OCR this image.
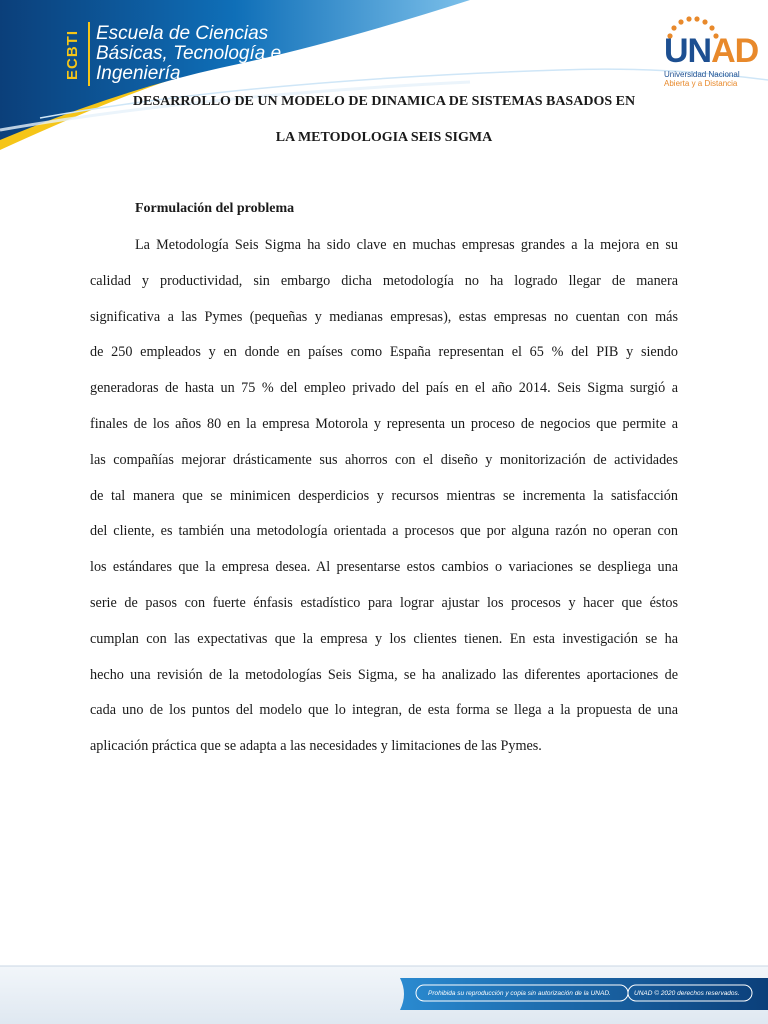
ECBTI Escuela de Ciencias
Básicas, Tecnología e
Ingeniería
UNAD
Universidad Nacional
Abierta y a Distancia
DESARROLLO DE UN MODELO DE DINAMICA DE SISTEMAS BASADOS EN
LA METODOLOGIA SEIS SIGMA
Formulación del problema
La Metodología Seis Sigma ha sido clave en muchas empresas grandes a la mejora en su
calidad y productividad, sin embargo dicha metodología no ha logrado llegar de manera
significativa a las Pymes (pequeñas y medianas empresas), estas empresas no cuentan con más
de 250 empleados y en donde en países como España representan el 65 % del PIB y siendo
generadoras de hasta un 75 % del empleo privado del país en el año 2014. Seis Sigma surgió a
finales de los años 80 en la empresa Motorola y representa un proceso de negocios que permite a
las compañías mejorar drásticamente sus ahorros con el diseño y monitorización de actividades
de tal manera que se minimicen desperdicios y recursos mientras se incrementa la satisfacción
del cliente, es también una metodología orientada a procesos que por alguna razón no operan con
los estándares que la empresa desea. Al presentarse estos cambios o variaciones se despliega una
serie de pasos con fuerte énfasis estadístico para lograr ajustar los procesos y hacer que éstos
cumplan con las expectativas que la empresa y los clientes tienen. En esta investigación se ha
hecho una revisión de la metodologías Seis Sigma, se ha analizado las diferentes aportaciones de
cada uno de los puntos del modelo que lo integran, de esta forma se llega a la propuesta de una
aplicación práctica que se adapta a las necesidades y limitaciones de las Pymes.
Prohibida su reproducción y copia sin autorización de la UNAD.	UNAD © 2020 derechos reservados.
